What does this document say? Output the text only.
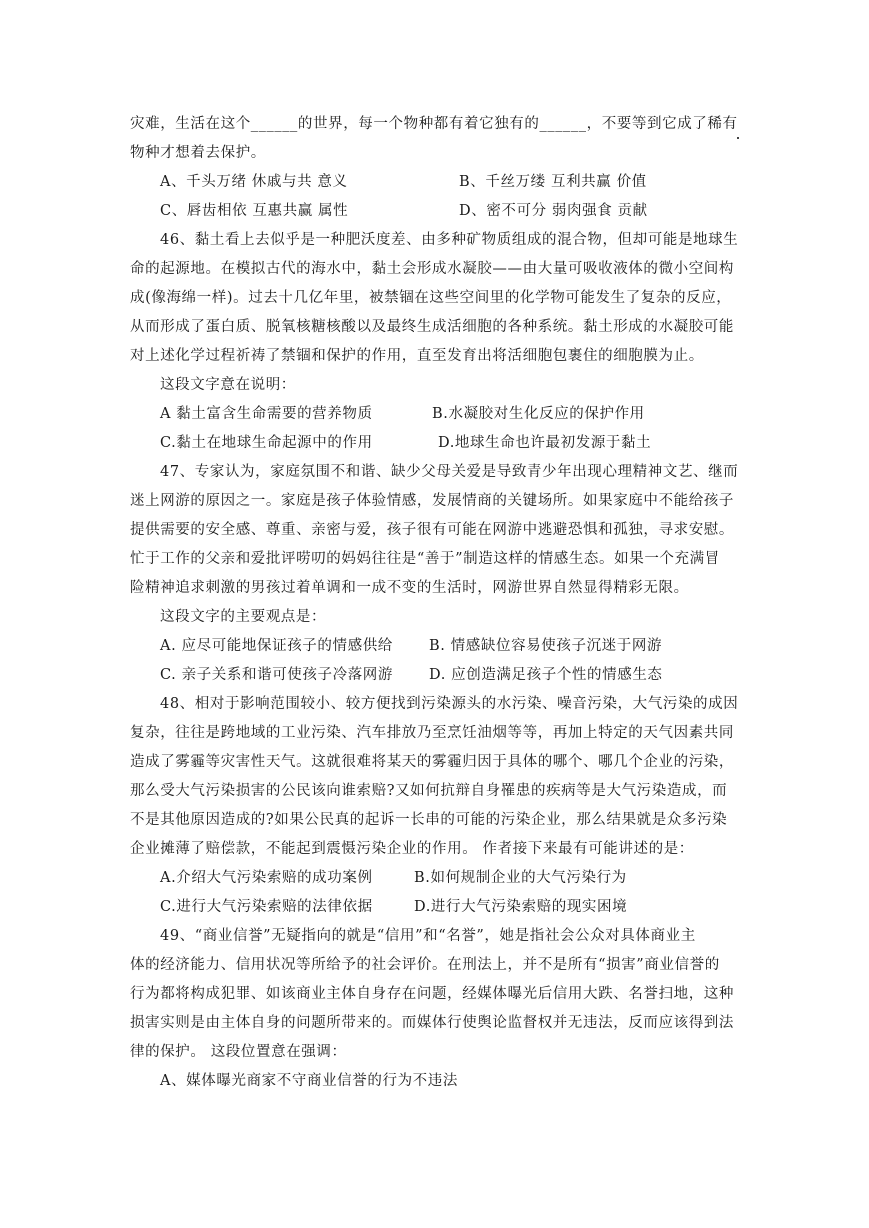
灾难，生活在这个______的世界，每一个物种都有着它独有的______，不要等到它成了稀有
物种才想着去保护。
A、千头万绪 休戚与共 意义	B、千丝万缕 互利共赢 价值
C、唇齿相依 互惠共赢 属性	D、密不可分 弱肉强食 贡献
46、黏土看上去似乎是一种肥沃度差、由多种矿物质组成的混合物，但却可能是地球生
命的起源地。在模拟古代的海水中，黏土会形成水凝胶——由大量可吸收液体的微小空间构
成(像海绵一样)。过去十几亿年里，被禁锢在这些空间里的化学物可能发生了复杂的反应，
从而形成了蛋白质、脱氧核糖核酸以及最终生成活细胞的各种系统。黏土形成的水凝胶可能
对上述化学过程祈祷了禁锢和保护的作用，直至发育出将活细胞包裹住的细胞膜为止。
这段文字意在说明：
A 黏土富含生命需要的营养物质	B.水凝胶对生化反应的保护作用
C.黏土在地球生命起源中的作用	D.地球生命也许最初发源于黏土
47、专家认为，家庭氛围不和谐、缺少父母关爱是导致青少年出现心理精神文艺、继而
迷上网游的原因之一。家庭是孩子体验情感，发展情商的关键场所。如果家庭中不能给孩子
提供需要的安全感、尊重、亲密与爱，孩子很有可能在网游中逃避恐惧和孤独，寻求安慰。
忙于工作的父亲和爱批评唠叨的妈妈往往是“善于”制造这样的情感生态。如果一个充满冒
险精神追求刺激的男孩过着单调和一成不变的生活时，网游世界自然显得精彩无限。
这段文字的主要观点是：
A. 应尽可能地保证孩子的情感供给 B. 情感缺位容易使孩子沉迷于网游
C. 亲子关系和谐可使孩子冷落网游 D. 应创造满足孩子个性的情感生态
48、相对于影响范围较小、较方便找到污染源头的水污染、噪音污染，大气污染的成因
复杂，往往是跨地域的工业污染、汽车排放乃至烹饪油烟等等，再加上特定的天气因素共同
造成了雾霾等灾害性天气。这就很难将某天的雾霾归因于具体的哪个、哪几个企业的污染，
那么受大气污染损害的公民该向谁索赔?又如何抗辩自身罹患的疾病等是大气污染造成，而
不是其他原因造成的?如果公民真的起诉一长串的可能的污染企业，那么结果就是众多污染
企业摊薄了赔偿款，不能起到震慑污染企业的作用。 作者接下来最有可能讲述的是：
A.介绍大气污染索赔的成功案例	B.如何规制企业的大气污染行为
C.进行大气污染索赔的法律依据	D.进行大气污染索赔的现实困境
49、“商业信誉”无疑指向的就是“信用”和“名誉”，她是指社会公众对具体商业主
体的经济能力、信用状况等所给予的社会评价。在刑法上，并不是所有“损害”商业信誉的
行为都将构成犯罪、如该商业主体自身存在问题，经媒体曝光后信用大跌、名誉扫地，这种
损害实则是由主体自身的问题所带来的。而媒体行使舆论监督权并无违法，反而应该得到法
律的保护。 这段位置意在强调：
A、媒体曝光商家不守商业信誉的行为不违法
